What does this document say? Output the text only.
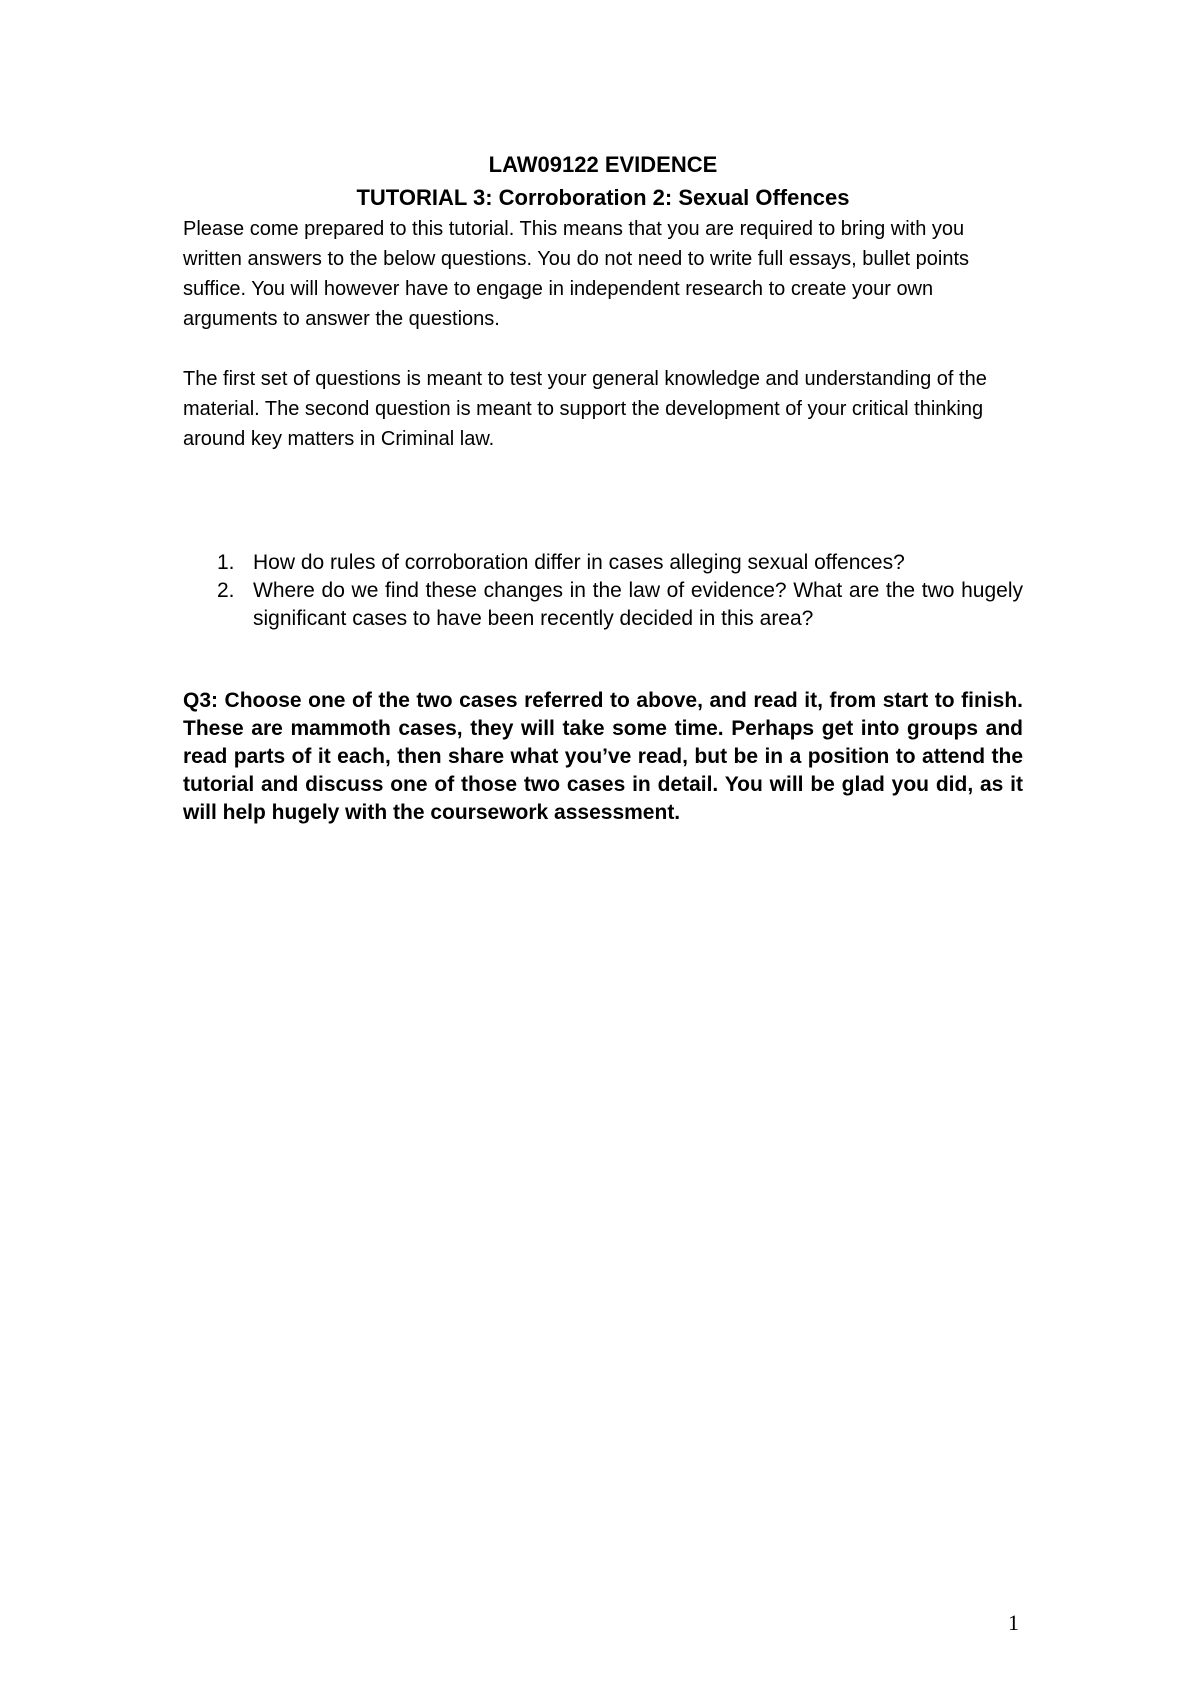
LAW09122 EVIDENCE

TUTORIAL 3: Corroboration 2: Sexual Offences

Please come prepared to this tutorial. This means that you are required to bring with you written answers to the below questions. You do not need to write full essays, bullet points suffice. You will however have to engage in independent research to create your own arguments to answer the questions.

The first set of questions is meant to test your general knowledge and understanding of the material. The second question is meant to support the development of your critical thinking around key matters in Criminal law.

1. How do rules of corroboration differ in cases alleging sexual offences?
2. Where do we find these changes in the law of evidence? What are the two hugely significant cases to have been recently decided in this area?

Q3: Choose one of the two cases referred to above, and read it, from start to finish. These are mammoth cases, they will take some time. Perhaps get into groups and read parts of it each, then share what you’ve read, but be in a position to attend the tutorial and discuss one of those two cases in detail. You will be glad you did, as it will help hugely with the coursework assessment.

1
